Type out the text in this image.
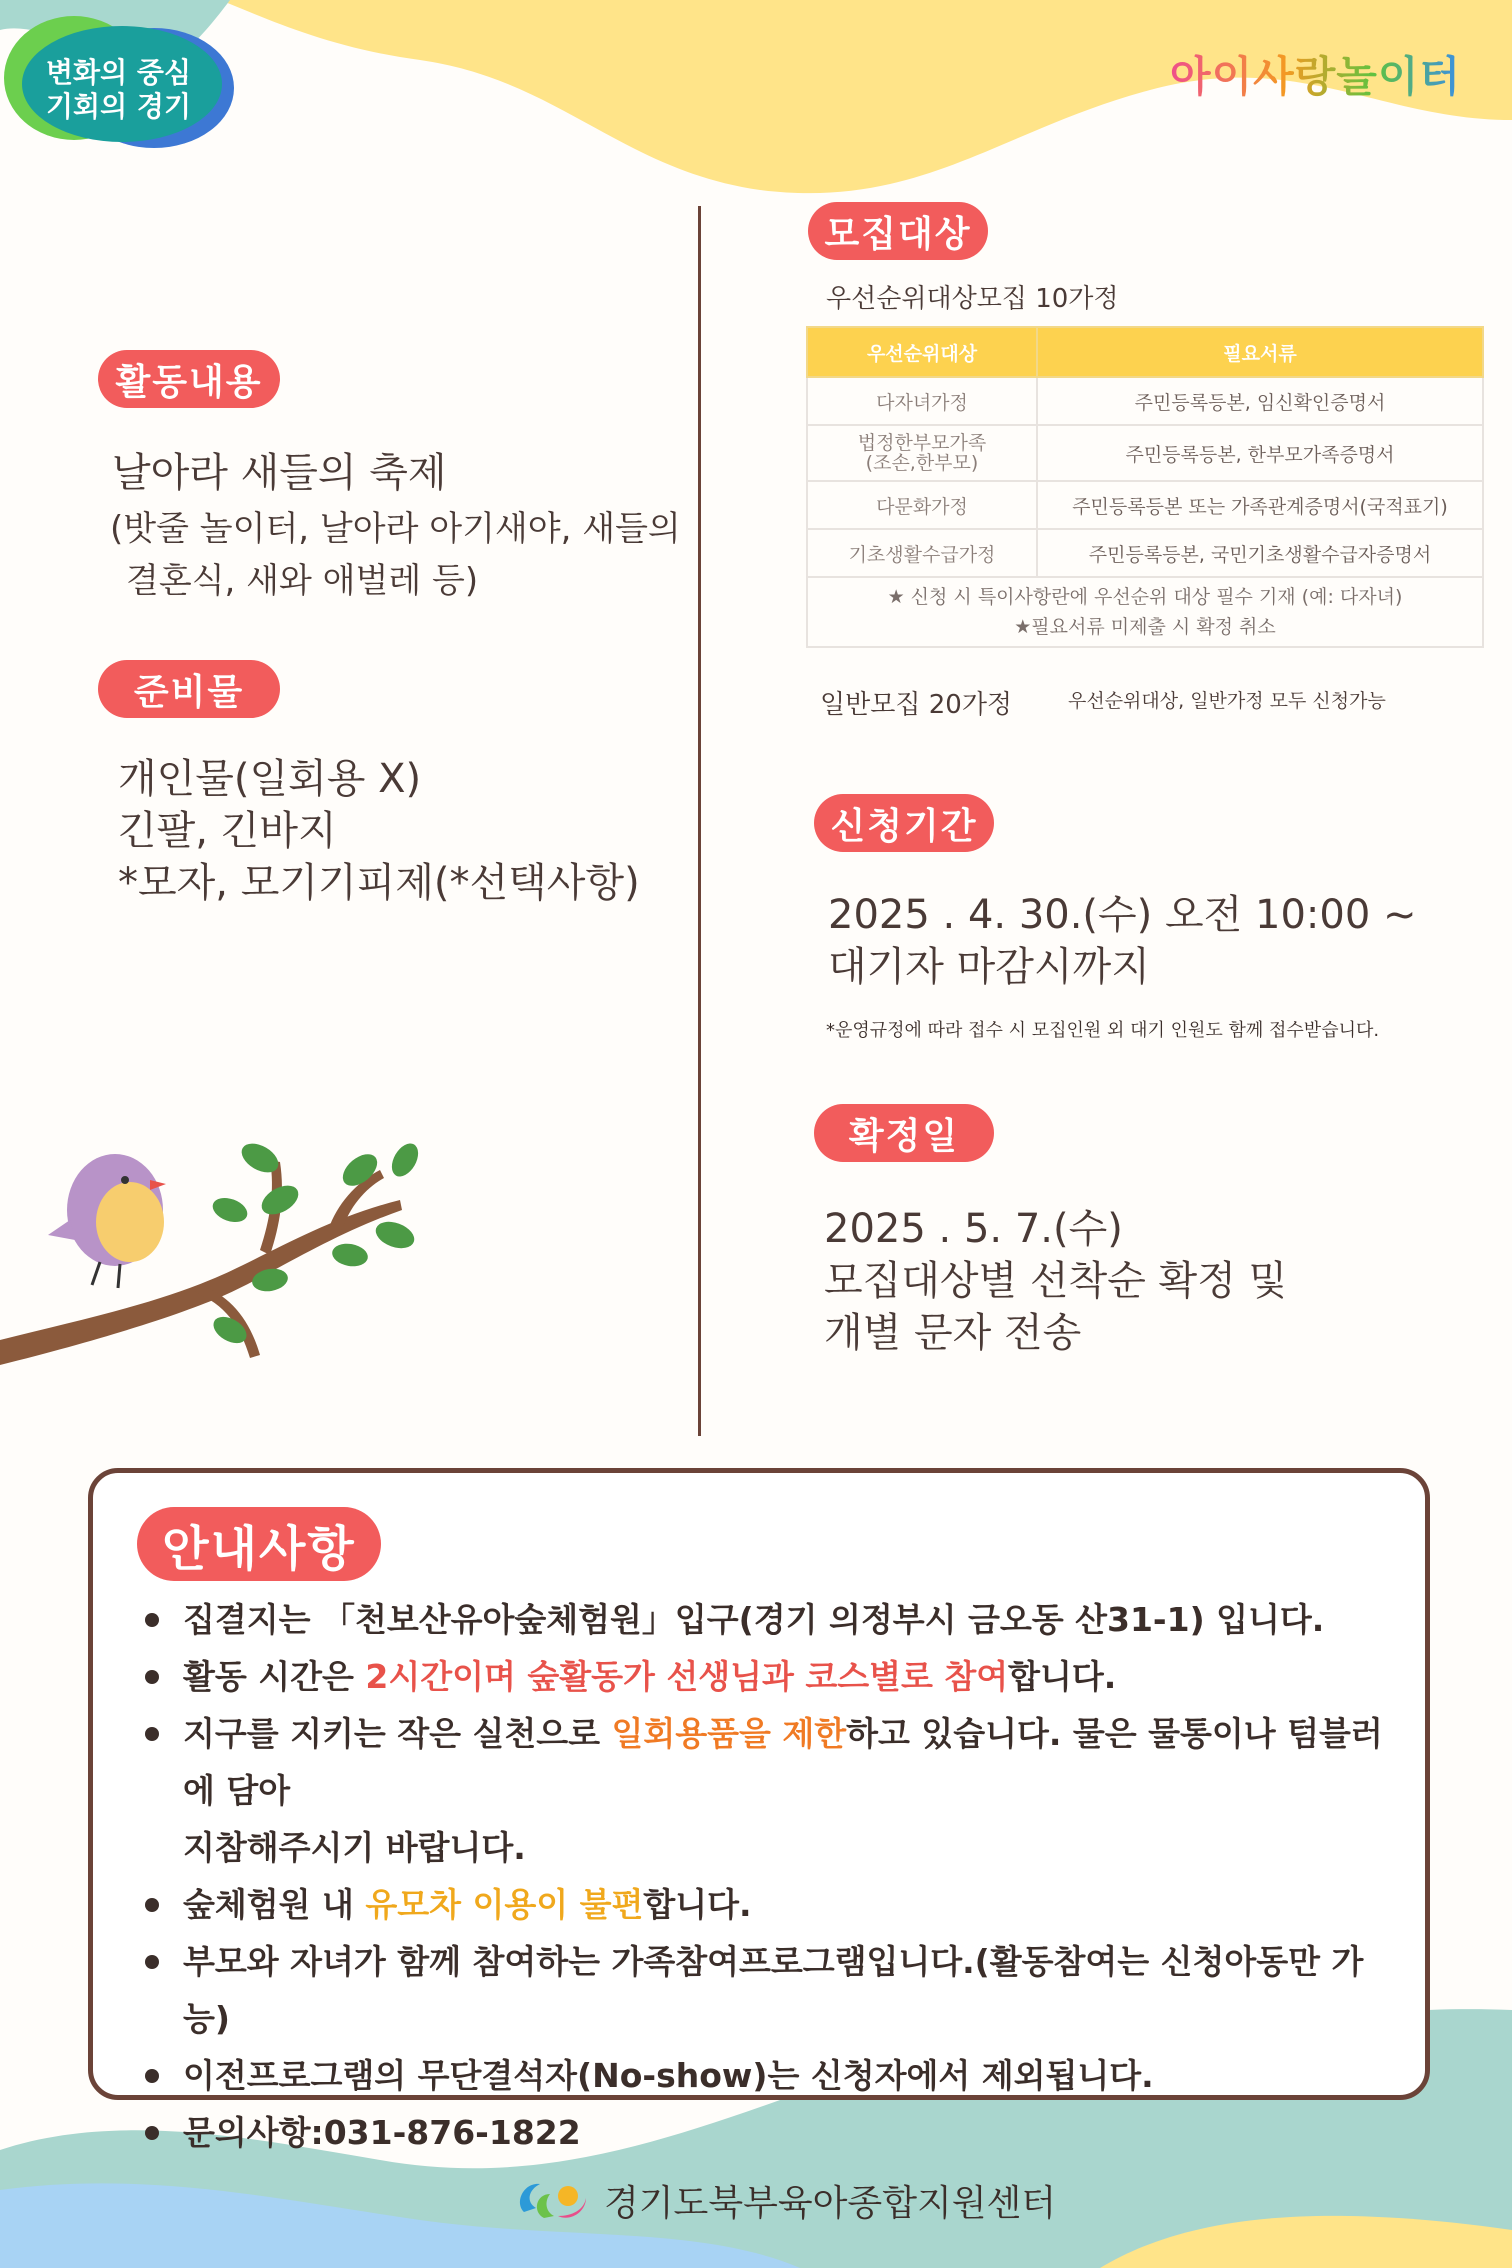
변화의 중심
기회의 경기
아이사랑놀이터
활동내용
날아라 새들의 축제
(밧줄 놀이터, 날아라 아기새야, 새들의
결혼식, 새와 애벌레 등)
준비물
개인물(일회용 X)
긴팔, 긴바지
*모자, 모기기피제(*선택사항)
모집대상
우선순위대상모집 10가정
우선순위대상	필요서류
다자녀가정	주민등록등본, 임신확인증명서

법정한부모가족
(조손,한부모)	주민등록등본, 한부모가족증명서
다문화가정	주민등록등본 또는 가족관계증명서(국적표기)
기초생활수급가정	주민등록등본, 국민기초생활수급자증명서

★ 신청 시 특이사항란에 우선순위 대상 필수 기재 (예: 다자녀)
★필요서류 미제출 시 확정 취소	
일반모집 20가정	우선순위대상, 일반가정 모두 신청가능
신청기간
2025 . 4. 30.(수) 오전 10:00 ~
대기자 마감시까지
*운영규정에 따라 접수 시 모집인원 외 대기 인원도 함께 접수받습니다.
확정일
2025 . 5. 7.(수)
모집대상별 선착순 확정 및
개별 문자 전송
안내사항
집결지는 「천보산유아숲체험원」입구(경기 의정부시 금오동 산31-1) 입니다.
활동 시간은 2시간이며 숲활동가 선생님과 코스별로 참여합니다.
지구를 지키는 작은 실천으로 일회용품을 제한하고 있습니다. 물은 물통이나 텀블러에 담아
지참해주시기 바랍니다.
숲체험원 내 유모차 이용이 불편합니다.
부모와 자녀가 함께 참여하는 가족참여프로그램입니다.(활동참여는 신청아동만 가능)
이전프로그램의 무단결석자(No-show)는 신청자에서 제외됩니다.
문의사항:031-876-1822
경기도북부육아종합지원센터
